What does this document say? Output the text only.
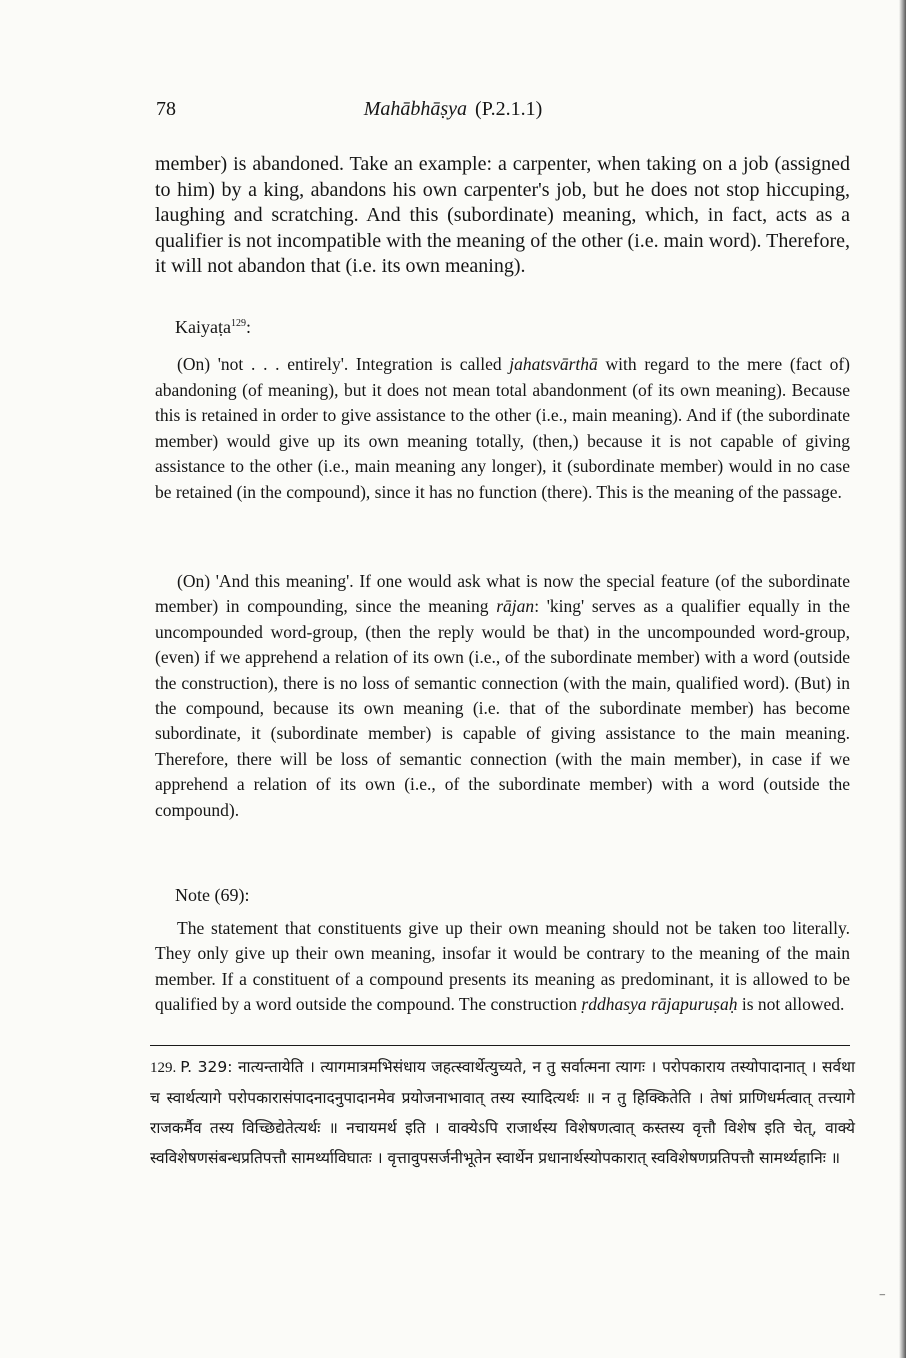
78	Mahābhāṣya (P.2.1.1)
member) is abandoned. Take an example: a carpenter, when taking on a job (assigned to him) by a king, abandons his own carpenter's job, but he does not stop hiccuping, laughing and scratching. And this (subordinate) meaning, which, in fact, acts as a qualifier is not incompatible with the meaning of the other (i.e. main word). Therefore, it will not abandon that (i.e. its own meaning).
Kaiyaṭa$^{129}$:
(On) 'not . . . entirely'. Integration is called jahatsvārthā with regard to the mere (fact of) abandoning (of meaning), but it does not mean total abandonment (of its own meaning). Because this is retained in order to give assistance to the other (i.e., main meaning). And if (the subordinate member) would give up its own meaning totally, (then,) because it is not capable of giving assistance to the other (i.e., main meaning any longer), it (subordinate member) would in no case be retained (in the compound), since it has no function (there). This is the meaning of the passage.
(On) 'And this meaning'. If one would ask what is now the special feature (of the subordinate member) in compounding, since the meaning rājan: 'king' serves as a qualifier equally in the uncompounded word-group, (then the reply would be that) in the uncompounded word-group, (even) if we apprehend a relation of its own (i.e., of the subordinate member) with a word (outside the construction), there is no loss of semantic connection (with the main, qualified word). (But) in the compound, because its own meaning (i.e. that of the subordinate member) has become subordinate, it (subordinate member) is capable of giving assistance to the main meaning. Therefore, there will be loss of semantic connection (with the main member), in case if we apprehend a relation of its own (i.e., of the subordinate member) with a word (outside the compound).
Note (69):
The statement that constituents give up their own meaning should not be taken too literally. They only give up their own meaning, insofar it would be contrary to the meaning of the main member. If a constituent of a compound presents its meaning as predominant, it is allowed to be qualified by a word outside the compound. The construction ṛddhasya rājapuruṣaḥ is not allowed.
129. P. 329: नात्यन्तायेति । त्यागमात्रमभिसंधाय जहत्स्वार्थेत्युच्यते, न तु सर्वात्मना त्यागः । परोपकाराय तस्योपादानात् । सर्वथा च स्वार्थत्यागे परोपकारासंपादनादनुपादानमेव प्रयोजनाभावात् तस्य स्यादित्यर्थः ॥ न तु हिक्कितेति । तेषां प्राणिधर्मत्वात् तत्त्यागे राजकर्मैव तस्य विच्छिद्येतेत्यर्थः ॥ नचायमर्थ इति । वाक्येऽपि राजार्थस्य विशेषणत्वात् कस्तस्य वृत्तौ विशेष इति चेत्, वाक्ये स्वविशेषणसंबन्धप्रतिपत्तौ सामर्थ्याविघातः । वृत्तावुपसर्जनीभूतेन स्वार्थेन प्रधानार्थस्योपकारात् स्वविशेषणप्रतिपत्तौ सामर्थ्यहानिः ॥
⁻
